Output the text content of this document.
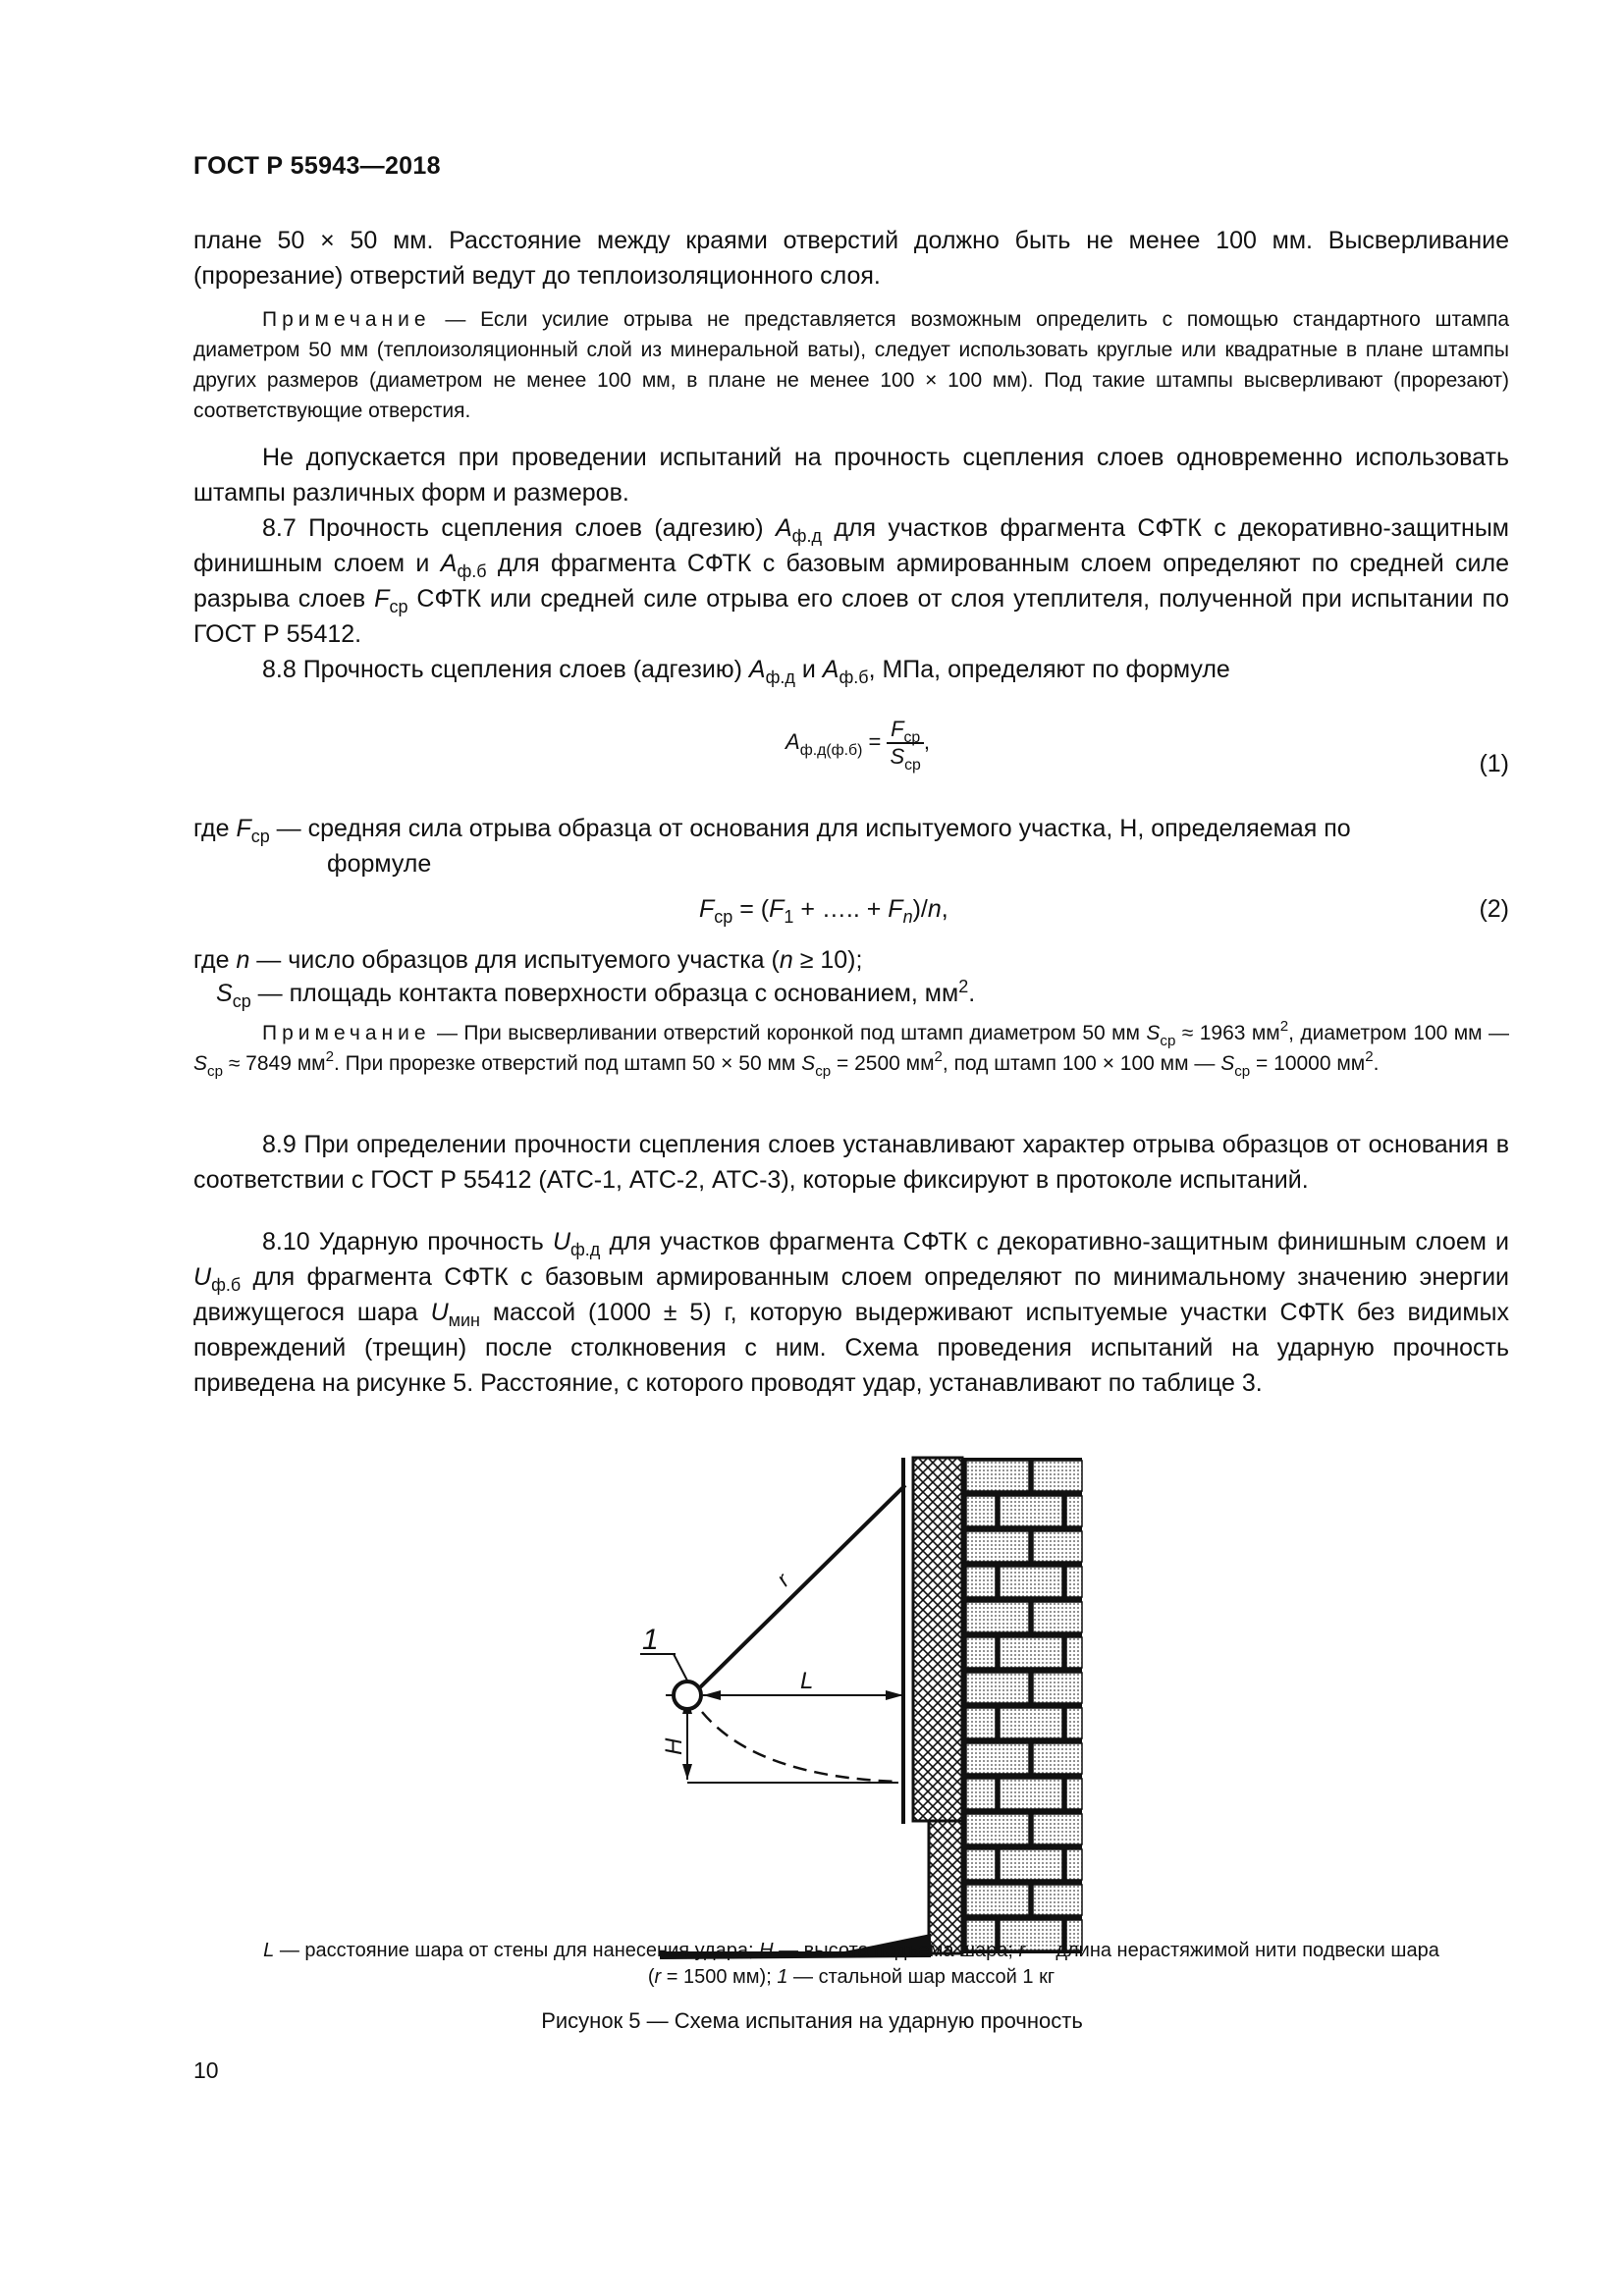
ГОСТ Р 55943—2018

плане 50 × 50 мм. Расстояние между краями отверстий должно быть не менее 100 мм. Высверливание (прорезание) отверстий ведут до теплоизоляционного слоя.

Примечание — Если усилие отрыва не представляется возможным определить с помощью стандартного штампа диаметром 50 мм (теплоизоляционный слой из минеральной ваты), следует использовать круглые или квадратные в плане штампы других размеров (диаметром не менее 100 мм, в плане не менее 100 × 100 мм). Под такие штампы высверливают (прорезают) соответствующие отверстия.

Не допускается при проведении испытаний на прочность сцепления слоев одновременно использовать штампы различных форм и размеров.

8.7 Прочность сцепления слоев (адгезию) $А_{ф.д}$ для участков фрагмента СФТК с декоративно-защитным финишным слоем и $А_{ф.б}$ для фрагмента СФТК с базовым армированным слоем определяют по средней силе разрыва слоев $F_{ср}$ СФТК или средней силе отрыва его слоев от слоя утеплителя, полученной при испытании по ГОСТ Р 55412.

8.8 Прочность сцепления слоев (адгезию) $А_{ф.д}$ и $А_{ф.б}$, МПа, определяют по формуле

$А_{ф.д(ф.б)} = \frac{F_{ср}}{S_{ср}}$ ,
(1)

где $F_{ср}$ — средняя сила отрыва образца от основания для испытуемого участка, Н, определяемая по

формуле

$F_{ср} = (F_1$ + ….. + $F_n)/n$,	(2)

где n — число образцов для испытуемого участка (n ≥ 10);

$S_{ср}$ — площадь контакта поверхности образца с основанием, $мм^2$.

Примечание — При высверливании отверстий коронкой под штамп диаметром 50 мм $S_{ср} \approx 1963$ $мм^2$, диаметром 100 мм — $S_{ср} \approx 7849$ $мм^2$. При прорезке отверстий под штамп 50 × 50 мм $S_{ср} = 2500$ $мм^2$, под штамп 100 × 100 мм — $S_{ср} = 10000$ $мм^2$.

8.9 При определении прочности сцепления слоев устанавливают характер отрыва образцов от основания в соответствии с ГОСТ Р 55412 (АТС-1, АТС-2, АТС-3), которые фиксируют в протоколе испытаний.

8.10 Ударную прочность $U_{ф.д}$ для участков фрагмента СФТК с декоративно-защитным финишным слоем и $U_{ф.б}$ для фрагмента СФТК с базовым армированным слоем определяют по минимальному значению энергии движущегося шара $U_{мин}$ массой (1000 ± 5) г, которую выдерживают испытуемые участки СФТК без видимых повреждений (трещин) после столкновения с ним. Схема проведения испытаний на ударную прочность приведена на рисунке 5. Расстояние, с которого проводят удар, устанавливают по таблице 3.

1
r
L
H
L — расстояние шара от стены для нанесения удара; H — высота подъема шара; r — длина нерастяжимой нити подвески шара
(r = 1500 мм); 1 — стальной шар массой 1 кг
Рисунок 5 — Схема испытания на ударную прочность
10
